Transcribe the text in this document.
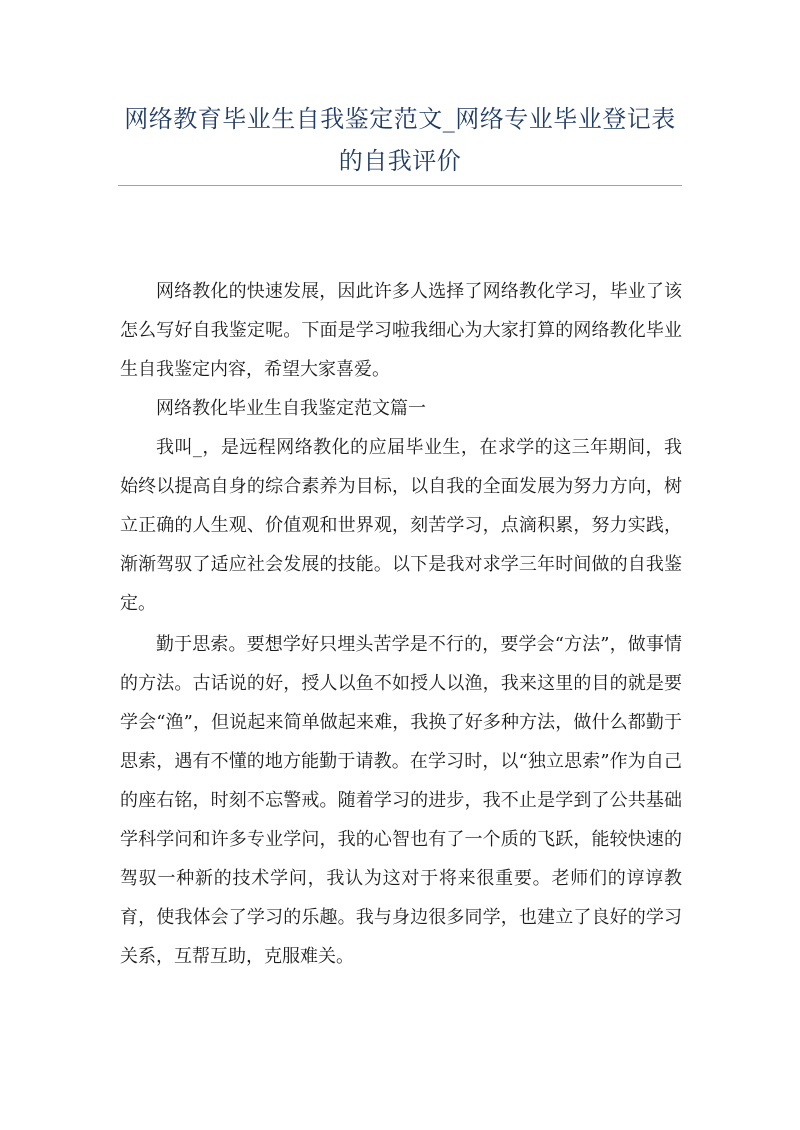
网络教育毕业生自我鉴定范文_网络专业毕业登记表
的自我评价

网络教化的快速发展，因此许多人选择了网络教化学习，毕业了该怎么写好自我鉴定呢。下面是学习啦我细心为大家打算的网络教化毕业生自我鉴定内容，希望大家喜爱。

网络教化毕业生自我鉴定范文篇一

我叫_，是远程网络教化的应届毕业生，在求学的这三年期间，我始终以提高自身的综合素养为目标，以自我的全面发展为努力方向，树立正确的人生观、价值观和世界观，刻苦学习，点滴积累，努力实践，渐渐驾驭了适应社会发展的技能。以下是我对求学三年时间做的自我鉴定。

勤于思索。要想学好只埋头苦学是不行的，要学会“方法”，做事情的方法。古话说的好，授人以鱼不如授人以渔，我来这里的目的就是要学会“渔”，但说起来简单做起来难，我换了好多种方法，做什么都勤于思索，遇有不懂的地方能勤于请教。在学习时，以“独立思索”作为自己的座右铭，时刻不忘警戒。随着学习的进步，我不止是学到了公共基础学科学问和许多专业学问，我的心智也有了一个质的飞跃，能较快速的驾驭一种新的技术学问，我认为这对于将来很重要。老师们的谆谆教育，使我体会了学习的乐趣。我与身边很多同学，也建立了良好的学习关系，互帮互助，克服难关。
